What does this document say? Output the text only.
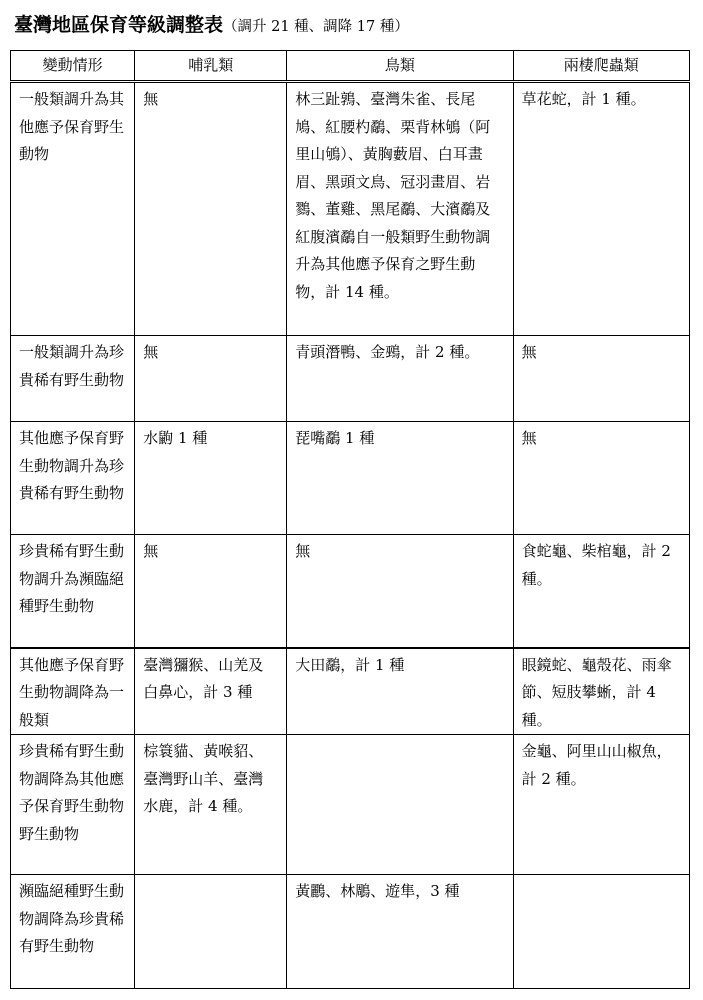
臺灣地區保育等級調整表（調升 21 種、調降 17 種）
變動情形	哺乳類	鳥類	兩棲爬蟲類
一般類調升為其他應予保育野生動物	無	林三趾鶉、臺灣朱雀、長尾鳩、紅腰杓鷸、栗背林鴝（阿里山鴝）、黃胸藪眉、白耳畫眉、黑頭文鳥、冠羽畫眉、岩鷚、董雞、黑尾鷸、大濱鷸及紅腹濱鷸自一般類野生動物調升為其他應予保育之野生動物，計 14 種。	草花蛇，計 1 種。
一般類調升為珍貴稀有野生動物	無	青頭潛鴨、金鵐，計 2 種。	無
其他應予保育野生動物調升為珍貴稀有野生動物	水鼩 1 種	琵嘴鷸 1 種	無
珍貴稀有野生動物調升為瀕臨絕種野生動物	無	無	食蛇龜、柴棺龜，計 2 種。
其他應予保育野生動物調降為一般類	臺灣獼猴、山羌及白鼻心，計 3 種	大田鷸，計 1 種	眼鏡蛇、龜殼花、雨傘節、短肢攀蜥，計 4 種。
珍貴稀有野生動物調降為其他應予保育野生動物野生動物	棕簑貓、黃喉貂、臺灣野山羊、臺灣水鹿，計 4 種。		金龜、阿里山山椒魚，計 2 種。
瀕臨絕種野生動物調降為珍貴稀有野生動物		黃鸝、林鵰、遊隼，3 種	
